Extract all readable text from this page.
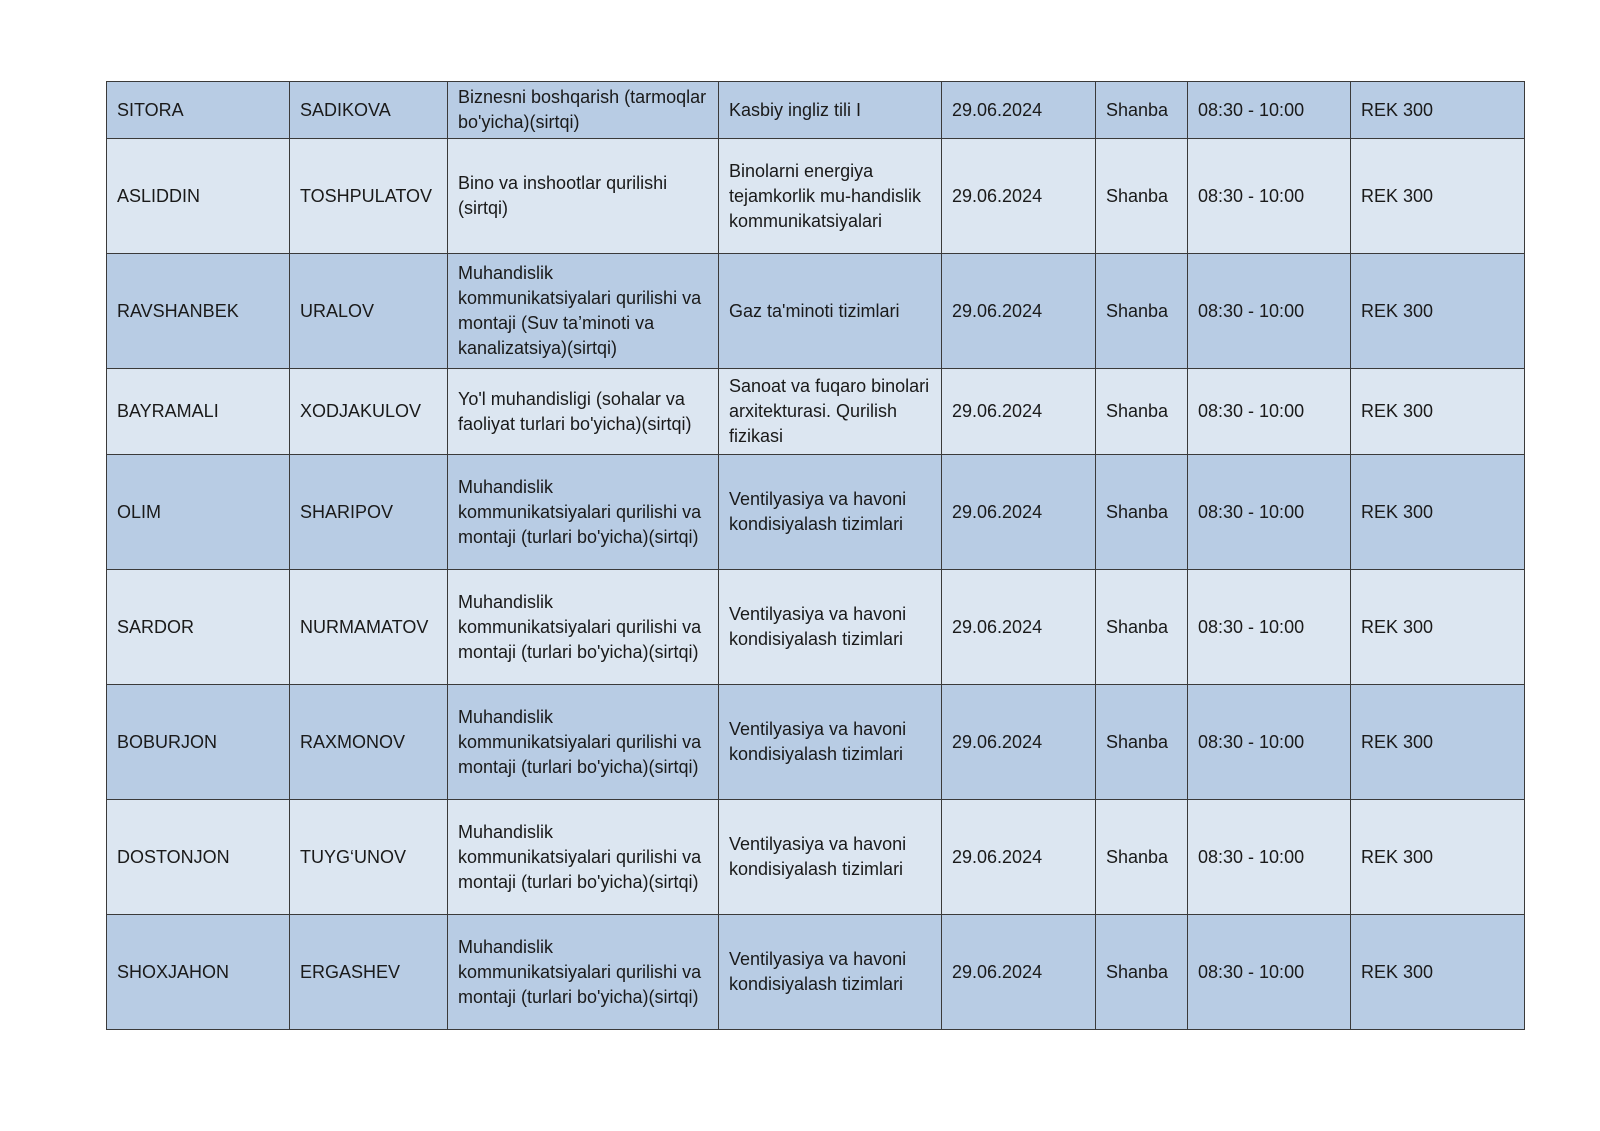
SITORA	SADIKOVA	Biznesni boshqarish (tarmoqlar bo'yicha)(sirtqi)	Kasbiy ingliz tili I	29.06.2024	Shanba	08:30 - 10:00	REK 300
ASLIDDIN	TOSHPULATOV	Bino va inshootlar qurilishi (sirtqi)	Binolarni energiya tejamkorlik mu-handislik kommunikatsiyalari	29.06.2024	Shanba	08:30 - 10:00	REK 300
RAVSHANBEK	URALOV	Muhandislik kommunikatsiyalari qurilishi va montaji (Suv ta’minoti va kanalizatsiya)(sirtqi)	Gaz ta'minoti tizimlari	29.06.2024	Shanba	08:30 - 10:00	REK 300
BAYRAMALI	XODJAKULOV	Yo'l muhandisligi (sohalar va faoliyat turlari bo'yicha)(sirtqi)	Sanoat va fuqaro binolari arxitekturasi. Qurilish fizikasi	29.06.2024	Shanba	08:30 - 10:00	REK 300
OLIM	SHARIPOV	Muhandislik kommunikatsiyalari qurilishi va montaji (turlari bo'yicha)(sirtqi)	Ventilyasiya va havoni kondisiyalash tizimlari	29.06.2024	Shanba	08:30 - 10:00	REK 300
SARDOR	NURMAMATOV	Muhandislik kommunikatsiyalari qurilishi va montaji (turlari bo'yicha)(sirtqi)	Ventilyasiya va havoni kondisiyalash tizimlari	29.06.2024	Shanba	08:30 - 10:00	REK 300
BOBURJON	RAXMONOV	Muhandislik kommunikatsiyalari qurilishi va montaji (turlari bo'yicha)(sirtqi)	Ventilyasiya va havoni kondisiyalash tizimlari	29.06.2024	Shanba	08:30 - 10:00	REK 300
DOSTONJON	TUYG‘UNOV	Muhandislik kommunikatsiyalari qurilishi va montaji (turlari bo'yicha)(sirtqi)	Ventilyasiya va havoni kondisiyalash tizimlari	29.06.2024	Shanba	08:30 - 10:00	REK 300
SHOXJAHON	ERGASHEV	Muhandislik kommunikatsiyalari qurilishi va montaji (turlari bo'yicha)(sirtqi)	Ventilyasiya va havoni kondisiyalash tizimlari	29.06.2024	Shanba	08:30 - 10:00	REK 300
